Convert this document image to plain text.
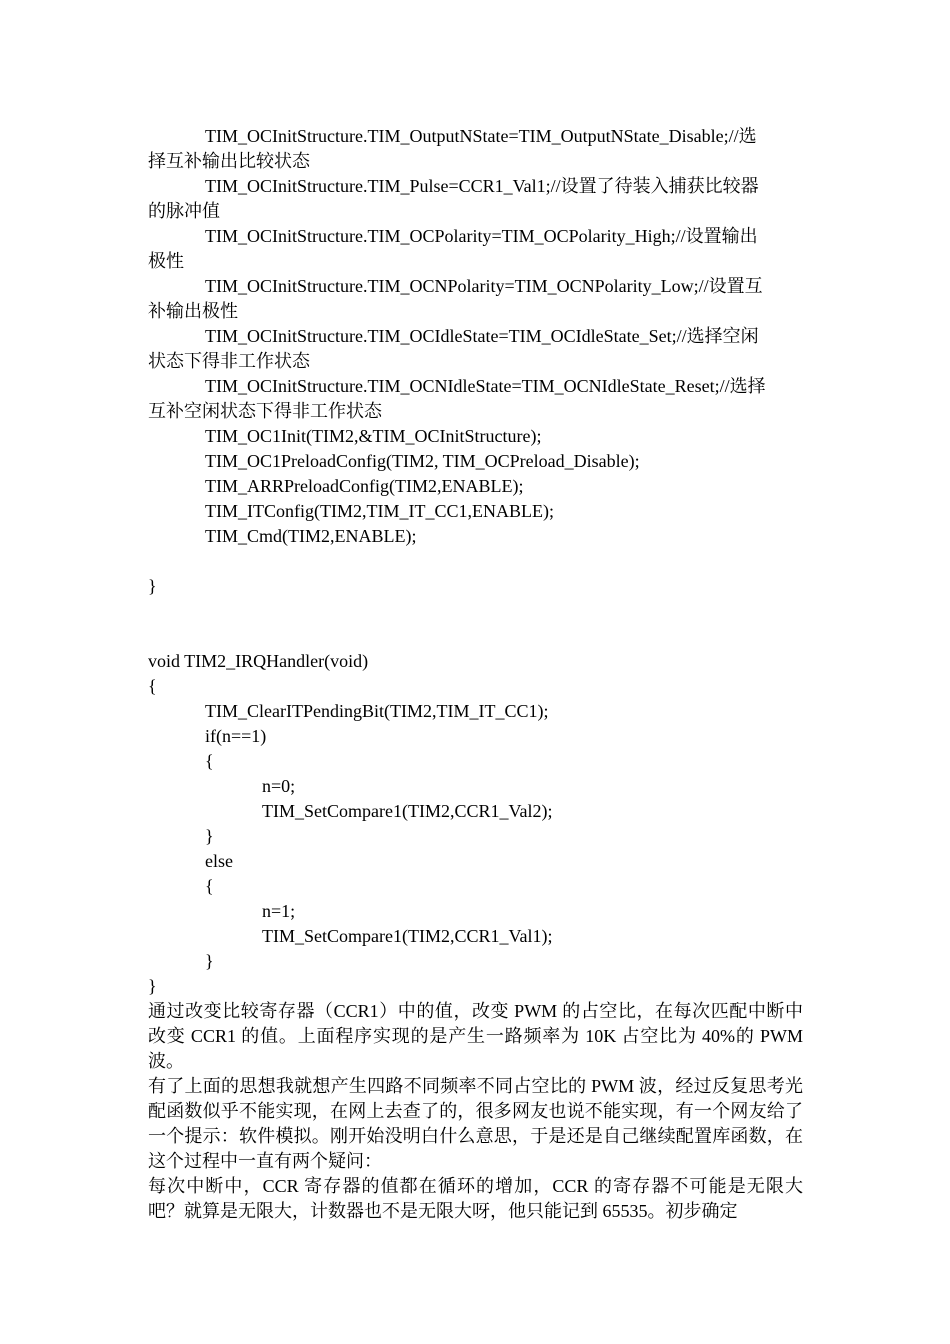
TIM_OCInitStructure.TIM_OutputNState=TIM_OutputNState_Disable;//选
择互补输出比较状态
TIM_OCInitStructure.TIM_Pulse=CCR1_Val1;//设置了待装入捕获比较器
的脉冲值
TIM_OCInitStructure.TIM_OCPolarity=TIM_OCPolarity_High;//设置输出
极性
TIM_OCInitStructure.TIM_OCNPolarity=TIM_OCNPolarity_Low;//设置互
补输出极性
TIM_OCInitStructure.TIM_OCIdleState=TIM_OCIdleState_Set;//选择空闲
状态下得非工作状态
TIM_OCInitStructure.TIM_OCNIdleState=TIM_OCNIdleState_Reset;//选择
互补空闲状态下得非工作状态
TIM_OC1Init(TIM2,&TIM_OCInitStructure);
TIM_OC1PreloadConfig(TIM2, TIM_OCPreload_Disable);
TIM_ARRPreloadConfig(TIM2,ENABLE);
TIM_ITConfig(TIM2,TIM_IT_CC1,ENABLE);
TIM_Cmd(TIM2,ENABLE);
}
void TIM2_IRQHandler(void)
{
TIM_ClearITPendingBit(TIM2,TIM_IT_CC1);
if(n==1)
{
n=0;
TIM_SetCompare1(TIM2,CCR1_Val2);
}
else
{
n=1;
TIM_SetCompare1(TIM2,CCR1_Val1);
}
}
通过改变比较寄存器（CCR1）中的值，改变 PWM 的占空比，在每次匹配中断中改变 CCR1 的值。上面程序实现的是产生一路频率为 10K 占空比为 40%的 PWM 波。
有了上面的思想我就想产生四路不同频率不同占空比的 PWM 波，经过反复思考光配函数似乎不能实现，在网上去查了的，很多网友也说不能实现，有一个网友给了一个提示：软件模拟。刚开始没明白什么意思，于是还是自己继续配置库函数，在这个过程中一直有两个疑问：
每次中断中，CCR 寄存器的值都在循环的增加，CCR 的寄存器不可能是无限大吧？就算是无限大，计数器也不是无限大呀，他只能记到 65535。初步确定
